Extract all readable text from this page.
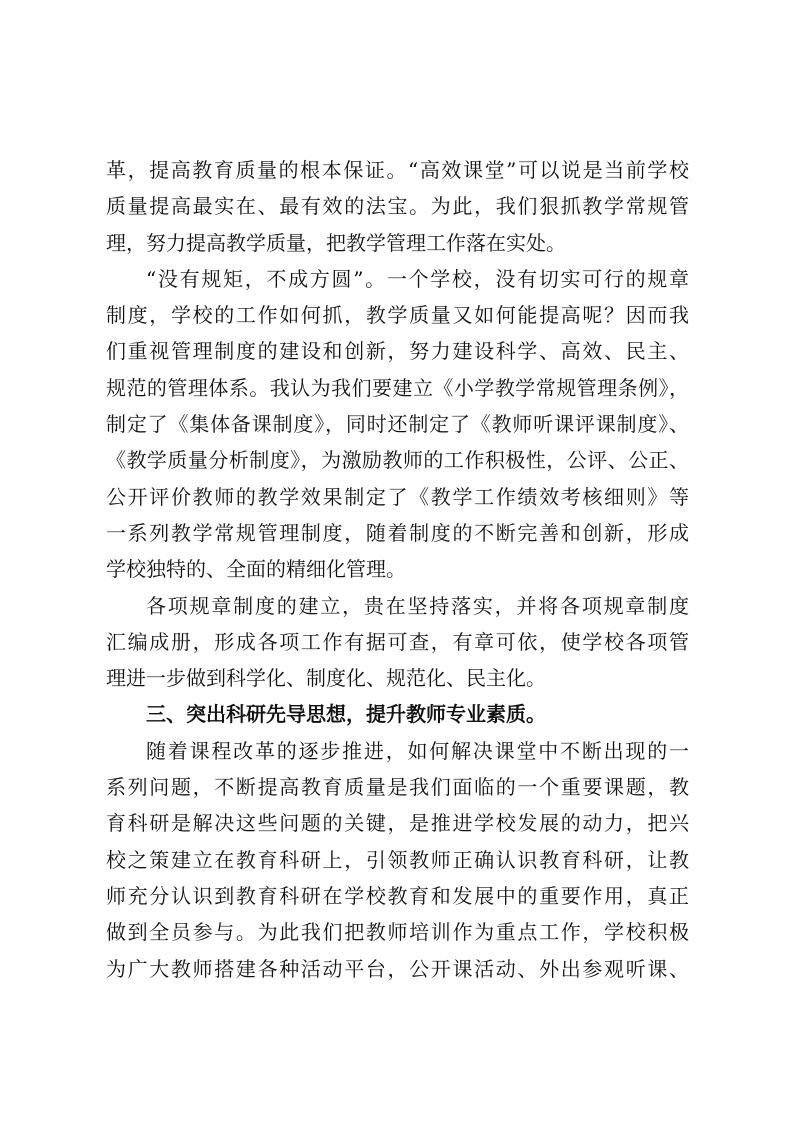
革，提高教育质量的根本保证。“高效课堂”可以说是当前学校

质量提高最实在、最有效的法宝。为此，我们狠抓教学常规管

理，努力提高教学质量，把教学管理工作落在实处。

“没有规矩，不成方圆”。一个学校，没有切实可行的规章

制度，学校的工作如何抓，教学质量又如何能提高呢？因而我

们重视管理制度的建设和创新，努力建设科学、高效、民主、

规范的管理体系。我认为我们要建立《小学教学常规管理条例》，

制定了《集体备课制度》，同时还制定了《教师听课评课制度》、

《教学质量分析制度》，为激励教师的工作积极性，公评、公正、

公开评价教师的教学效果制定了《教学工作绩效考核细则》等

一系列教学常规管理制度，随着制度的不断完善和创新，形成

学校独特的、全面的精细化管理。

各项规章制度的建立，贵在坚持落实，并将各项规章制度

汇编成册，形成各项工作有据可查，有章可依，使学校各项管

理进一步做到科学化、制度化、规范化、民主化。

三、突出科研先导思想，提升教师专业素质。

随着课程改革的逐步推进，如何解决课堂中不断出现的一

系列问题，不断提高教育质量是我们面临的一个重要课题，教

育科研是解决这些问题的关键，是推进学校发展的动力，把兴

校之策建立在教育科研上，引领教师正确认识教育科研，让教

师充分认识到教育科研在学校教育和发展中的重要作用，真正

做到全员参与。为此我们把教师培训作为重点工作，学校积极

为广大教师搭建各种活动平台，公开课活动、外出参观听课、
